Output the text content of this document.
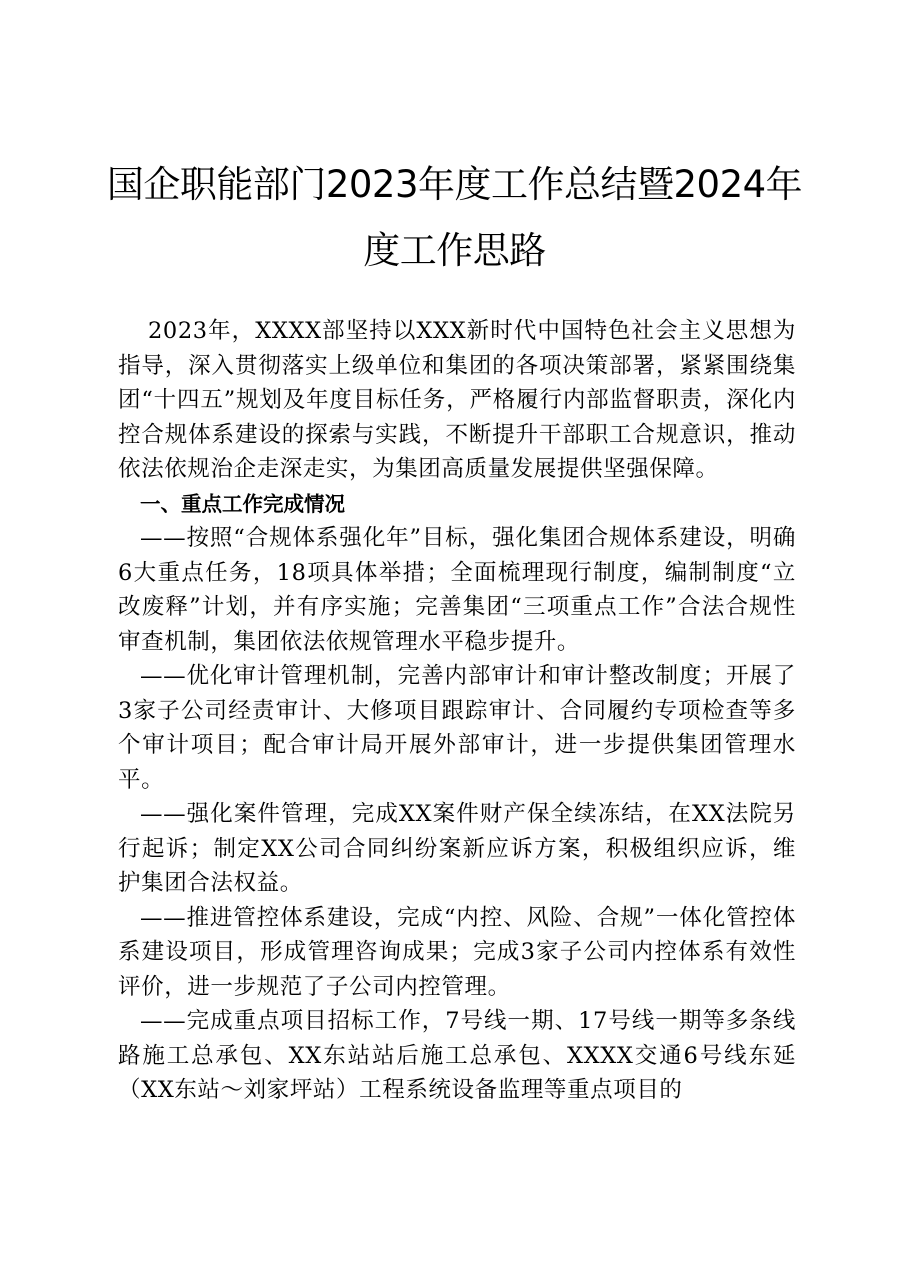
国企职能部门2023年度工作总结暨2024年
度工作思路

2023年，XXXX部坚持以XXX新时代中国特色社会主义思想为指导，深入贯彻落实上级单位和集团的各项决策部署，紧紧围绕集团“十四五”规划及年度目标任务，严格履行内部监督职责，深化内控合规体系建设的探索与实践，不断提升干部职工合规意识，推动依法依规治企走深走实，为集团高质量发展提供坚强保障。

一、重点工作完成情况

——按照“合规体系强化年”目标，强化集团合规体系建设，明确6大重点任务，18项具体举措；全面梳理现行制度，编制制度“立改废释”计划，并有序实施；完善集团“三项重点工作”合法合规性审查机制，集团依法依规管理水平稳步提升。

——优化审计管理机制，完善内部审计和审计整改制度；开展了3家子公司经责审计、大修项目跟踪审计、合同履约专项检查等多个审计项目；配合审计局开展外部审计，进一步提供集团管理水平。

——强化案件管理，完成XX案件财产保全续冻结，在XX法院另行起诉；制定XX公司合同纠纷案新应诉方案，积极组织应诉，维护集团合法权益。

——推进管控体系建设，完成“内控、风险、合规”一体化管控体系建设项目，形成管理咨询成果；完成3家子公司内控体系有效性评价，进一步规范了子公司内控管理。

——完成重点项目招标工作，7号线一期、17号线一期等多条线路施工总承包、XX东站站后施工总承包、XXXX交通6号线东延（XX东站～刘家坪站）工程系统设备监理等重点项目的
